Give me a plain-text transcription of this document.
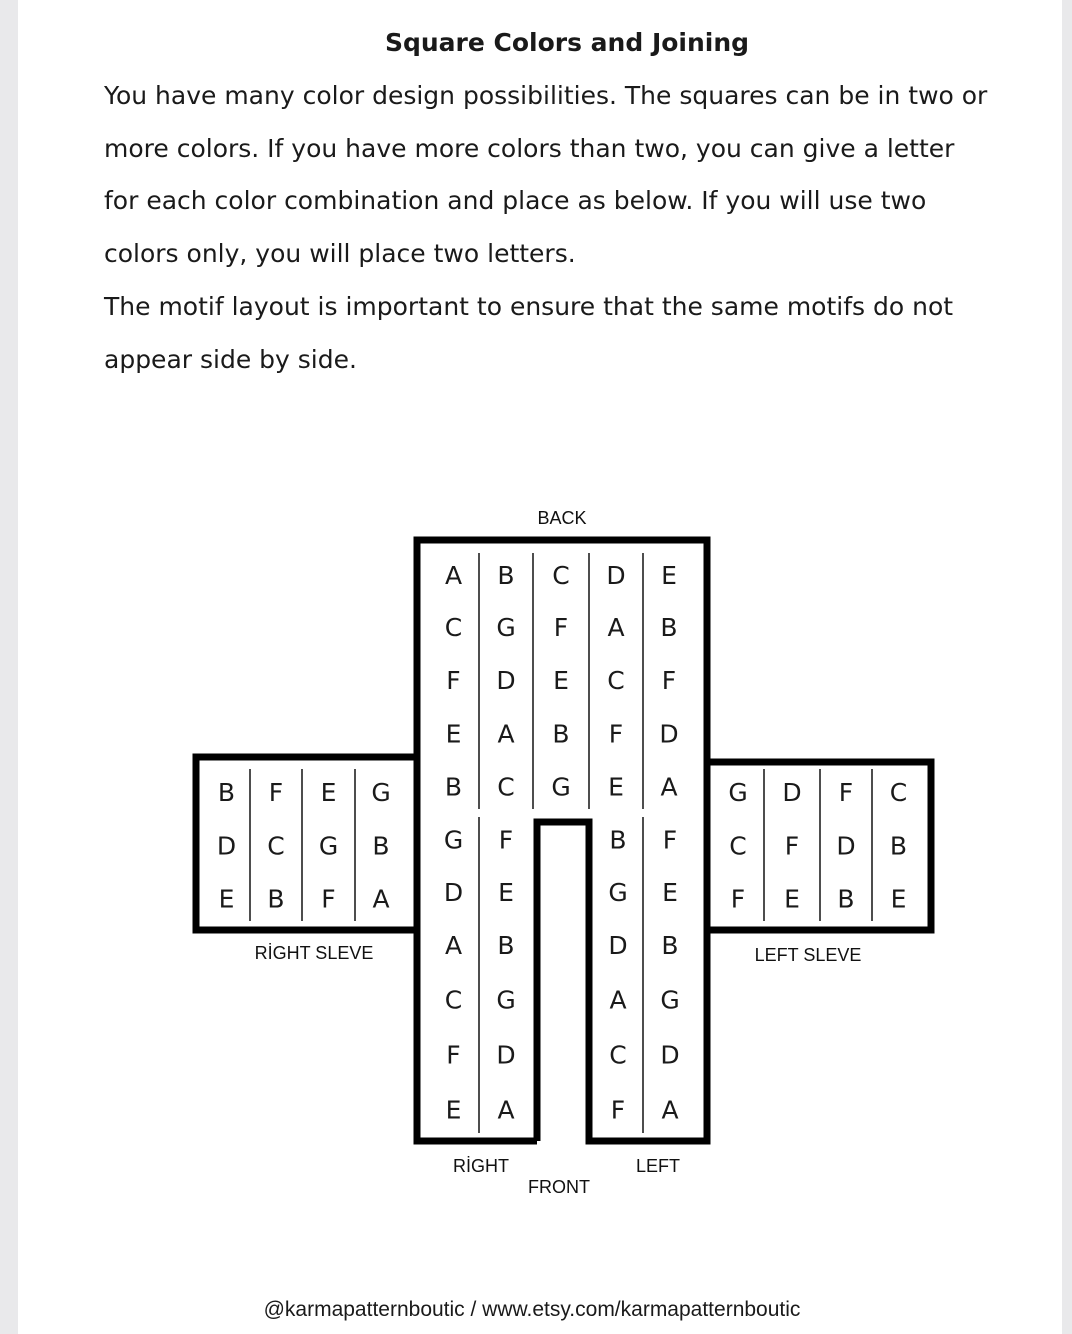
Square Colors and Joining

You have many color design possibilities. The squares can be in two or
more colors. If you have more colors than two, you can give a letter
for each color combination and place as below. If you will use two
colors only, you will place two letters.
The motif layout is important to ensure that the same motifs do not
appear side by side.

A B C D E
C G F A B
F D E C F
E A B F D
B C G E A
G F
D E
A B
C G
F D
E A
B F
G E
D B
A G
C D
F A
B F E G
D C G B
E B F A
G D F C
C F D B
F E B E
BACK
RİGHT SLEVE	LEFT SLEVE
RİGHT	LEFT
FRONT
@karmapatternboutic / www.etsy.com/karmapatternboutic
